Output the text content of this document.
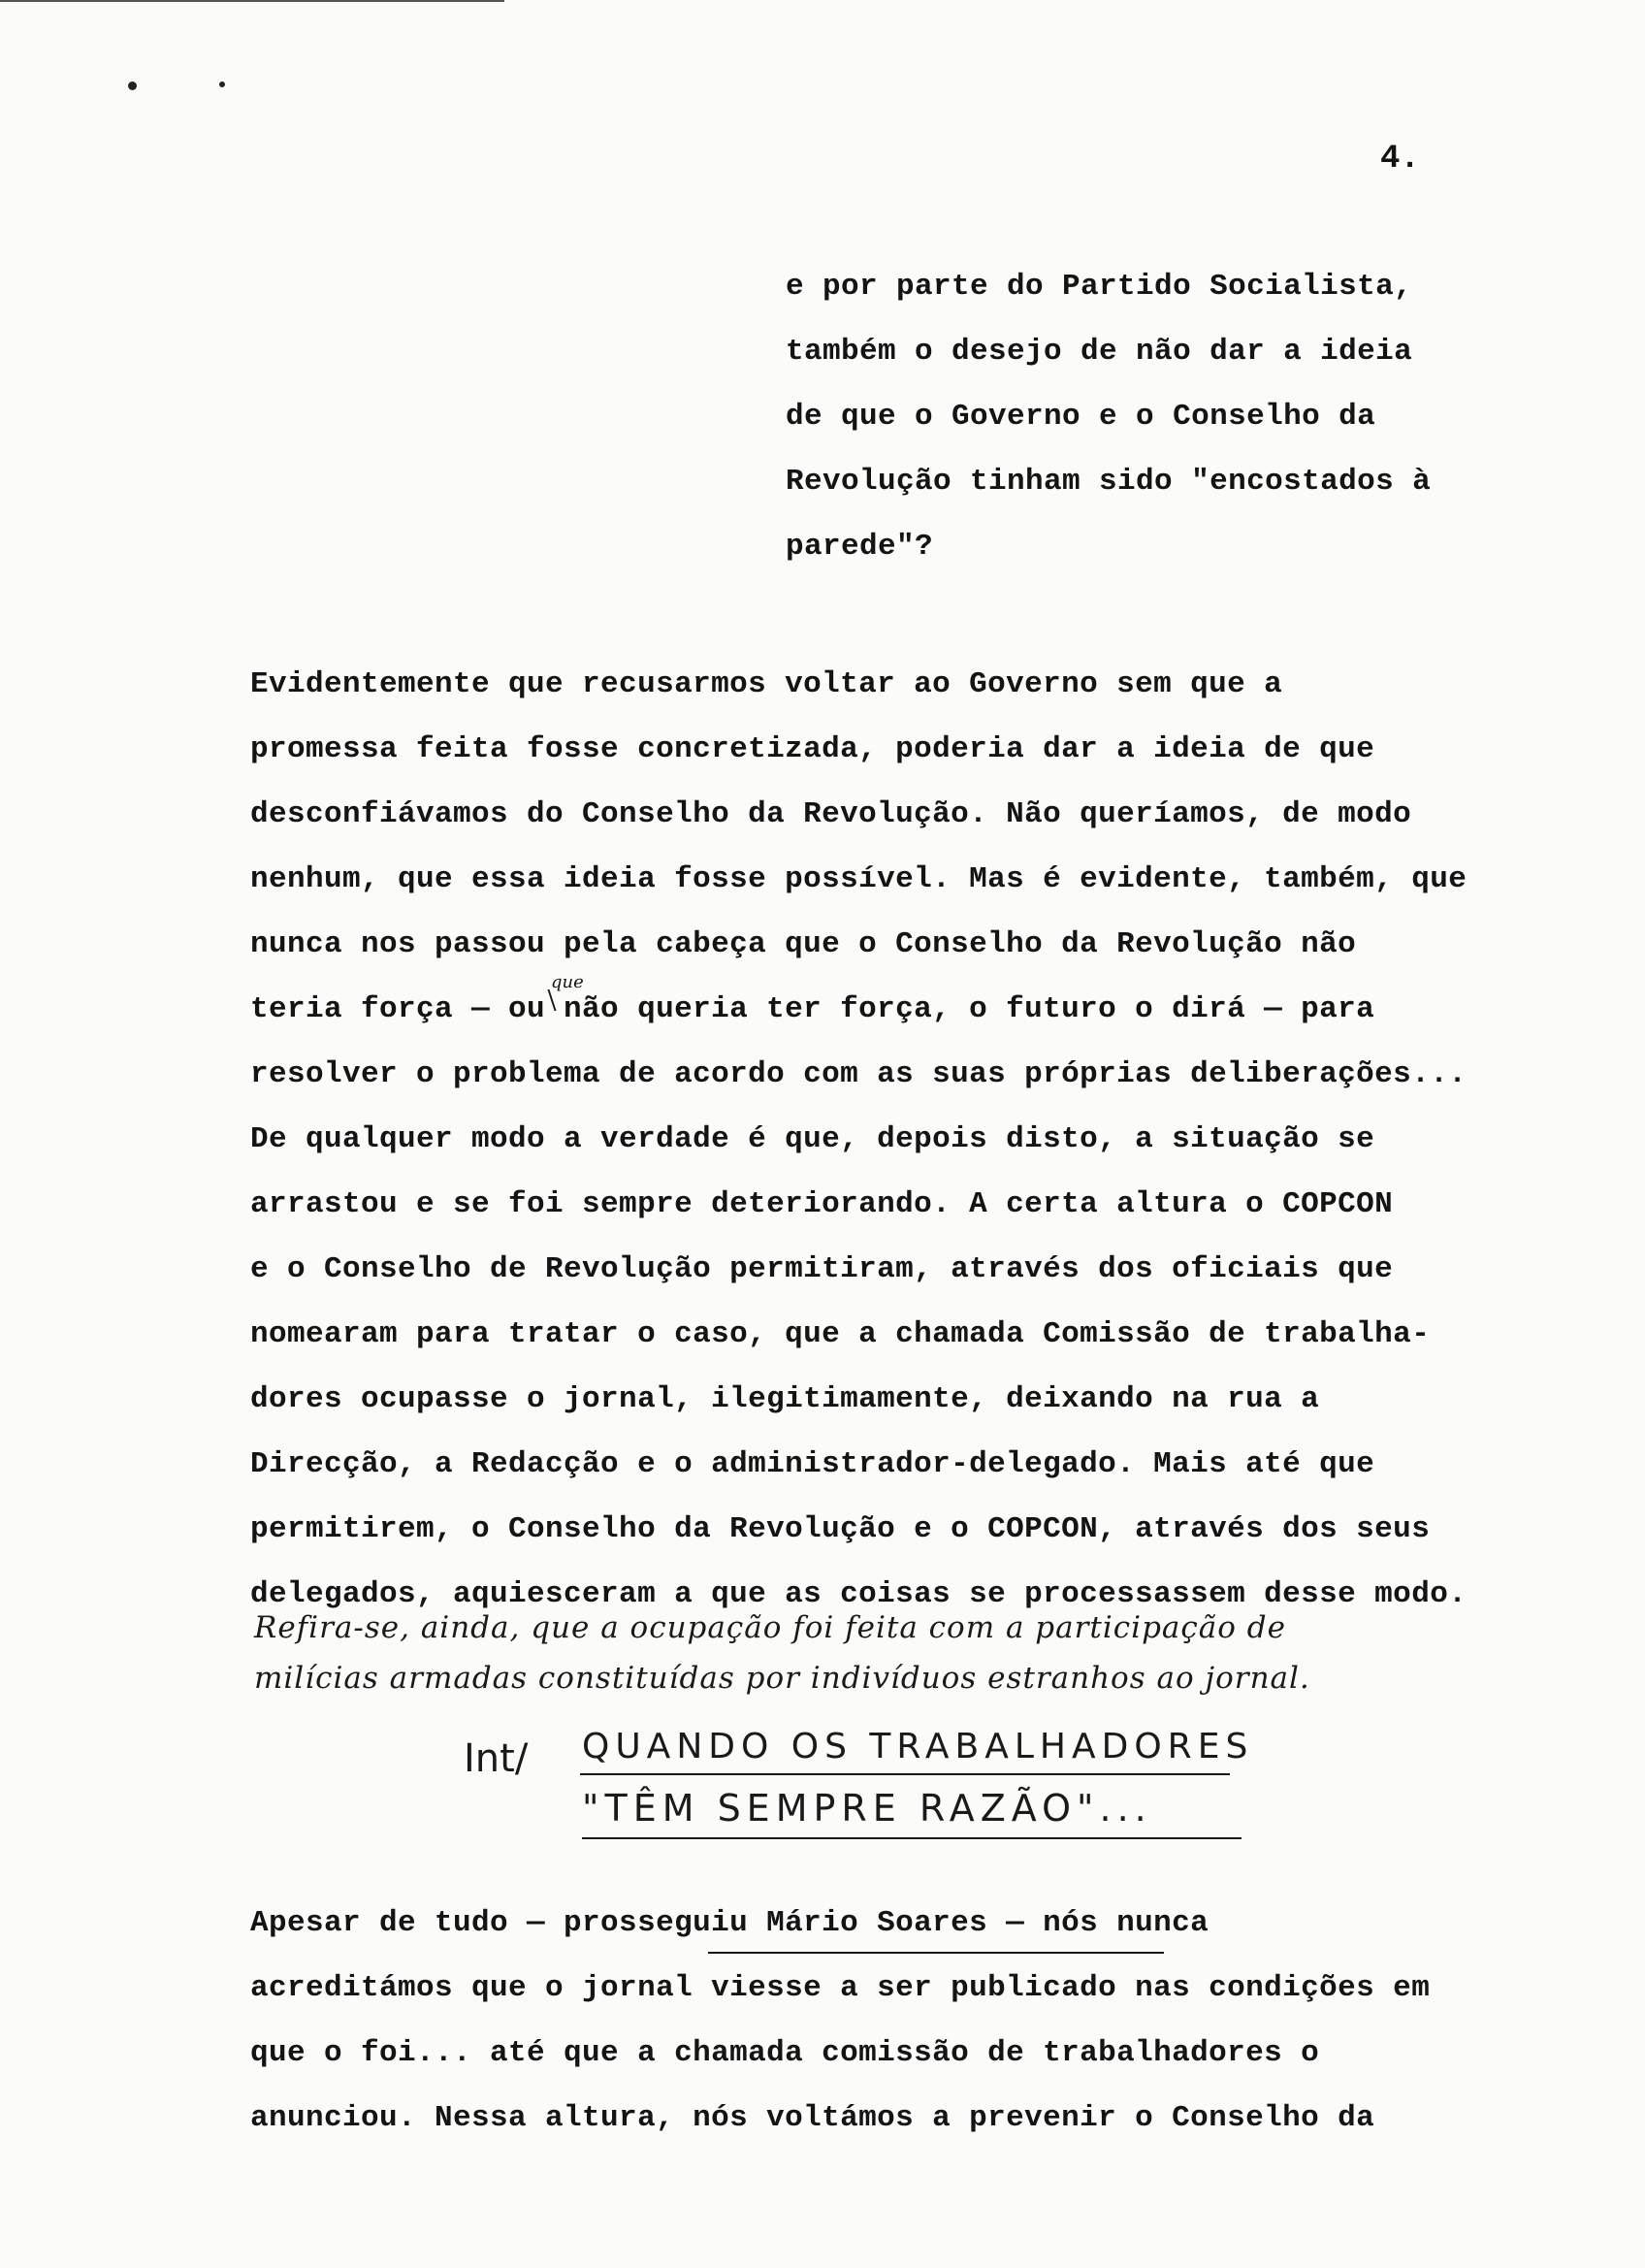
4.
e por parte do Partido Socialista,
também o desejo de não dar a ideia
de que o Governo e o Conselho da
Revolução tinham sido "encostados à
parede"?
Evidentemente que recusarmos voltar ao Governo sem que a
promessa feita fosse concretizada, poderia dar a ideia de que
desconfiávamos do Conselho da Revolução. Não queríamos, de modo
nenhum, que essa ideia fosse possível. Mas é evidente, também, que
nunca nos passou pela cabeça que o Conselho da Revolução não
teria força — ou não queria ter força, o futuro o dirá — para
resolver o problema de acordo com as suas próprias deliberações...
De qualquer modo a verdade é que, depois disto, a situação se
arrastou e se foi sempre deteriorando. A certa altura o COPCON
e o Conselho de Revolução permitiram, através dos oficiais que
nomearam para tratar o caso, que a chamada Comissão de trabalha-
dores ocupasse o jornal, ilegitimamente, deixando na rua a
Direcção, a Redacção e o administrador-delegado. Mais até que
permitirem, o Conselho da Revolução e o COPCON, através dos seus
delegados, aquiesceram a que as coisas se processassem desse modo.
que
Refira-se, ainda, que a ocupação foi feita com a participação de
milícias armadas constituídas por indivíduos estranhos ao jornal.
Int/ QUANDO OS TRABALHADORES
"TÊM SEMPRE RAZÃO"...
Apesar de tudo — prosseguiu Mário Soares — nós nunca
acreditámos que o jornal viesse a ser publicado nas condições em
que o foi... até que a chamada comissão de trabalhadores o
anunciou. Nessa altura, nós voltámos a prevenir o Conselho da
